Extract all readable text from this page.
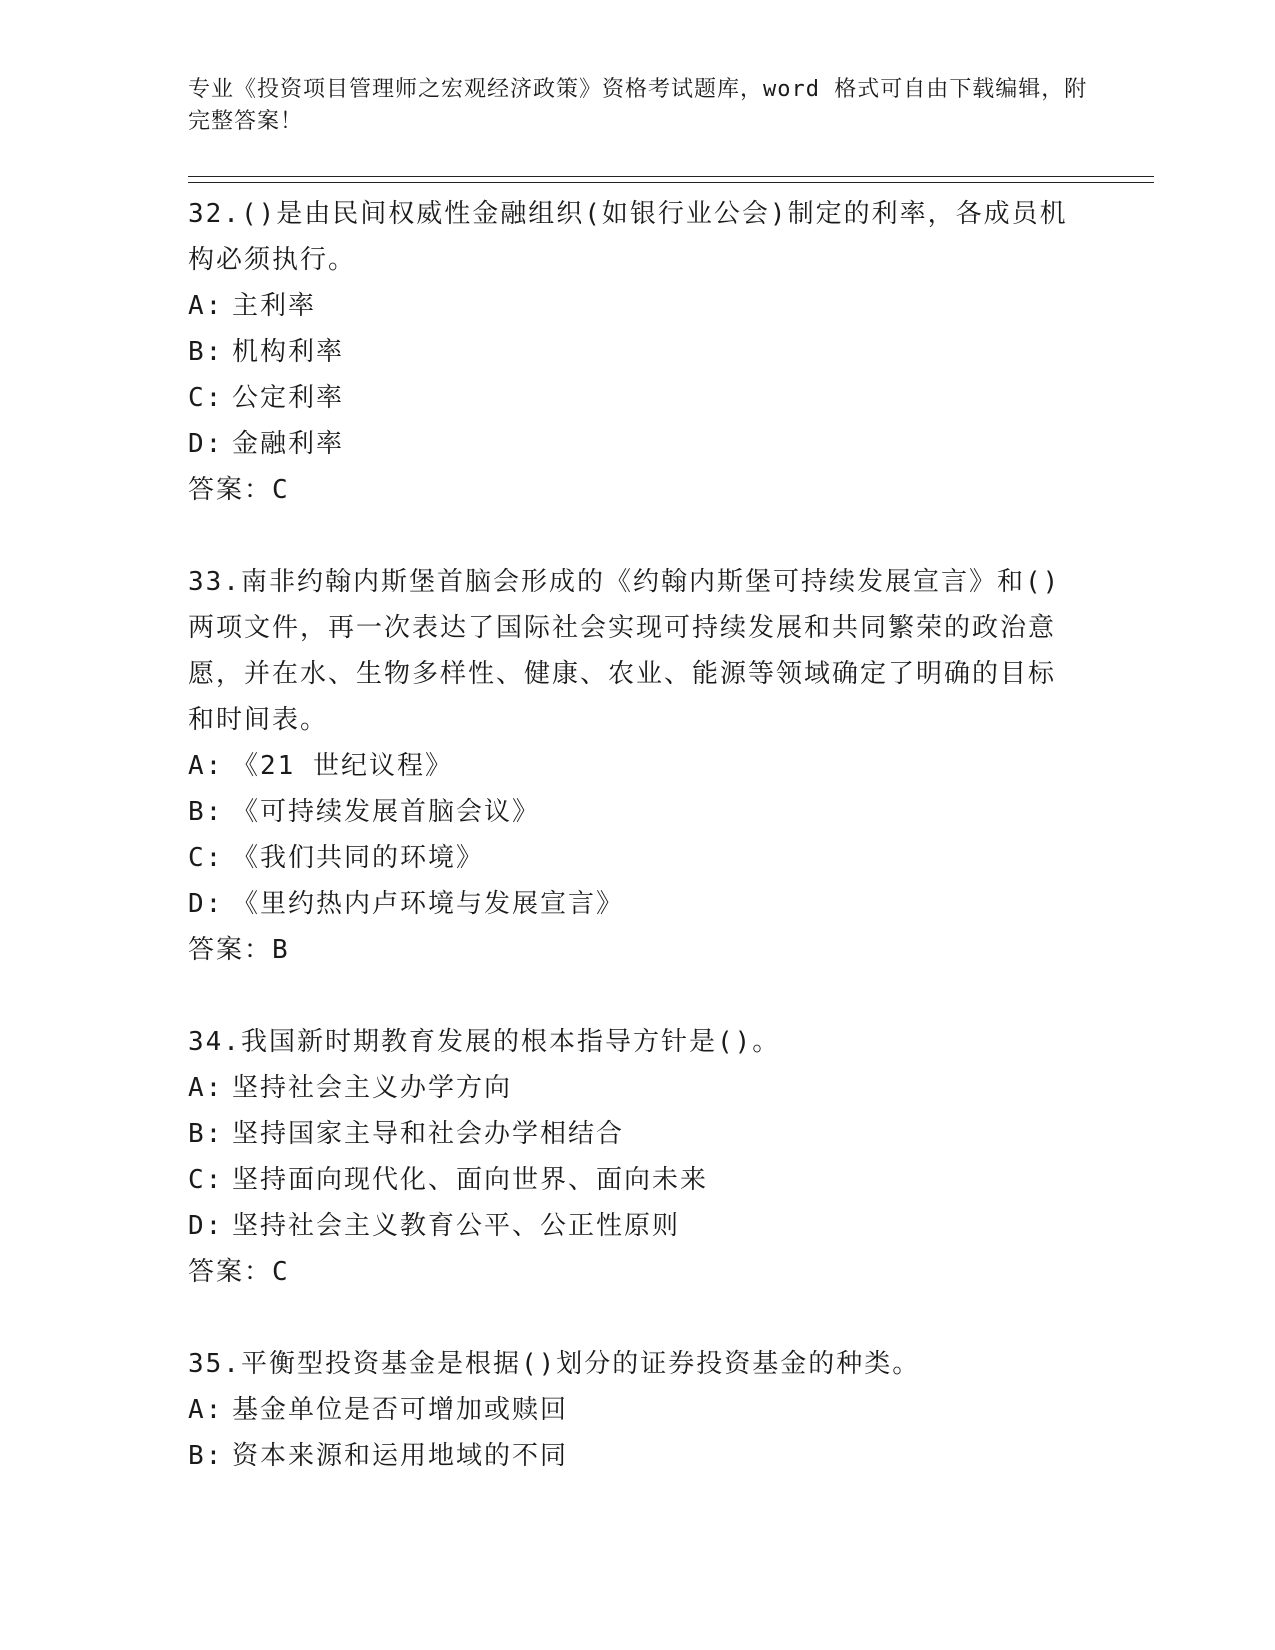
专业《投资项目管理师之宏观经济政策》资格考试题库，word 格式可自由下载编辑，附完整答案！
32.()是由民间权威性金融组织(如银行业公会)制定的利率，各成员机构必须执行。
A: 主利率
B: 机构利率
C: 公定利率
D: 金融利率
答案：C
33.南非约翰内斯堡首脑会形成的《约翰内斯堡可持续发展宣言》和()两项文件，再一次表达了国际社会实现可持续发展和共同繁荣的政治意愿，并在水、生物多样性、健康、农业、能源等领域确定了明确的目标和时间表。
A: 《21 世纪议程》
B: 《可持续发展首脑会议》
C: 《我们共同的环境》
D: 《里约热内卢环境与发展宣言》
答案：B
34.我国新时期教育发展的根本指导方针是()。
A: 坚持社会主义办学方向
B: 坚持国家主导和社会办学相结合
C: 坚持面向现代化、面向世界、面向未来
D: 坚持社会主义教育公平、公正性原则
答案：C
35.平衡型投资基金是根据()划分的证券投资基金的种类。
A: 基金单位是否可增加或赎回
B: 资本来源和运用地域的不同
